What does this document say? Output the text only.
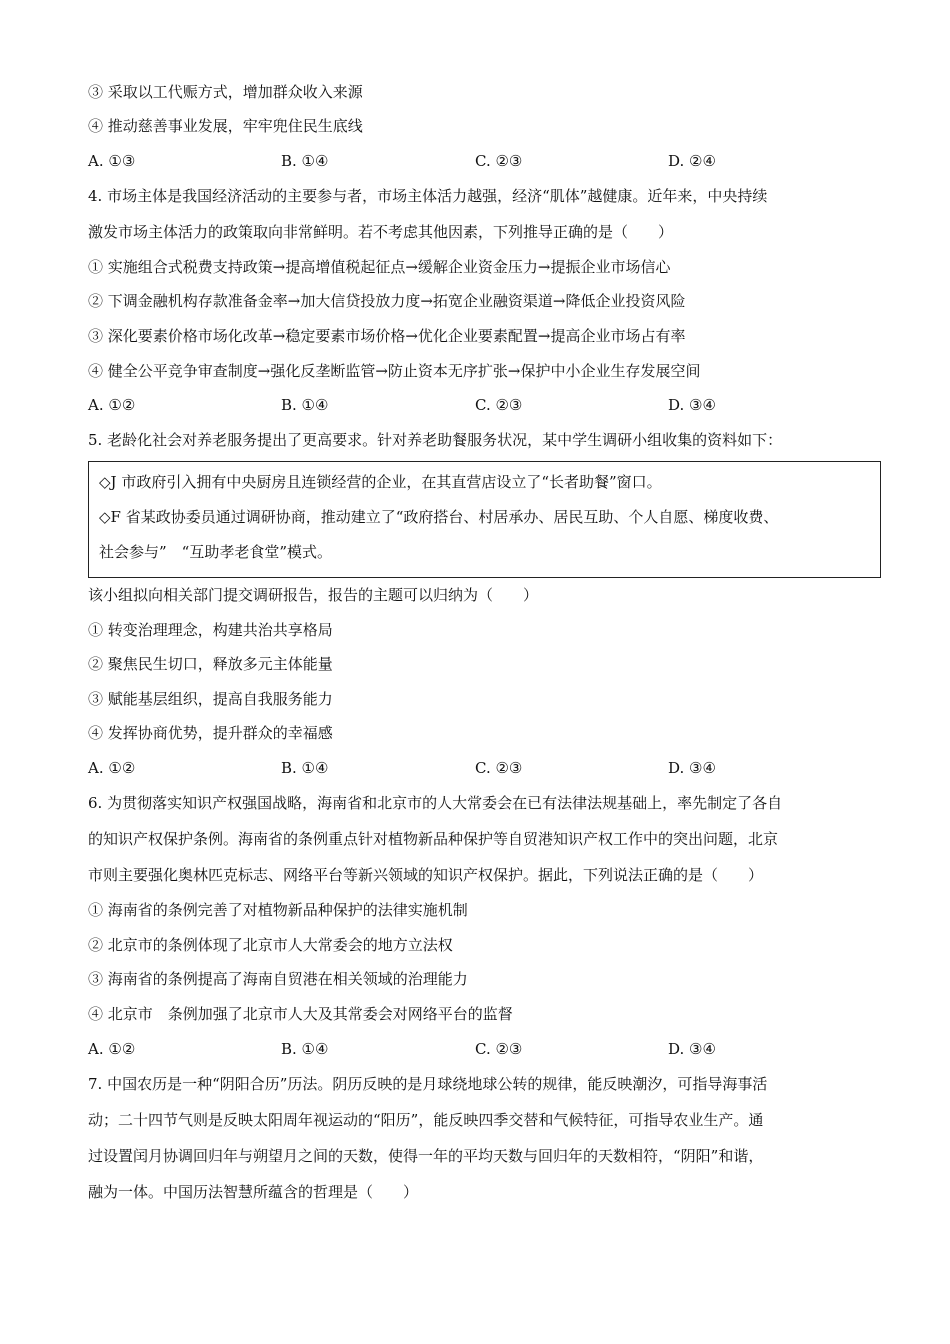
③ 采取以工代赈方式，增加群众收入来源
④ 推动慈善事业发展，牢牢兜住民生底线
A. ①③	B. ①④	C. ②③	D. ②④
4. 市场主体是我国经济活动的主要参与者，市场主体活力越强，经济“肌体”越健康。近年来，中央持续
激发市场主体活力的政策取向非常鲜明。若不考虑其他因素，下列推导正确的是（　　）
① 实施组合式税费支持政策→提高增值税起征点→缓解企业资金压力→提振企业市场信心
② 下调金融机构存款准备金率→加大信贷投放力度→拓宽企业融资渠道→降低企业投资风险
③ 深化要素价格市场化改革→稳定要素市场价格→优化企业要素配置→提高企业市场占有率
④ 健全公平竞争审查制度→强化反垄断监管→防止资本无序扩张→保护中小企业生存发展空间
A. ①②	B. ①④	C. ②③	D. ③④
5. 老龄化社会对养老服务提出了更高要求。针对养老助餐服务状况，某中学生调研小组收集的资料如下：
◇J 市政府引入拥有中央厨房且连锁经营的企业，在其直营店设立了“长者助餐”窗口。
◇F 省某政协委员通过调研协商，推动建立了“政府搭台、村居承办、居民互助、个人自愿、梯度收费、
社会参与”　“互助孝老食堂”模式。
该小组拟向相关部门提交调研报告，报告的主题可以归纳为（　　）
① 转变治理理念，构建共治共享格局
② 聚焦民生切口，释放多元主体能量
③ 赋能基层组织，提高自我服务能力
④ 发挥协商优势，提升群众的幸福感
A. ①②	B. ①④	C. ②③	D. ③④
6. 为贯彻落实知识产权强国战略，海南省和北京市的人大常委会在已有法律法规基础上，率先制定了各自
的知识产权保护条例。海南省的条例重点针对植物新品种保护等自贸港知识产权工作中的突出问题，北京
市则主要强化奥林匹克标志、网络平台等新兴领域的知识产权保护。据此，下列说法正确的是（　　）
① 海南省的条例完善了对植物新品种保护的法律实施机制
② 北京市的条例体现了北京市人大常委会的地方立法权
③ 海南省的条例提高了海南自贸港在相关领域的治理能力
④ 北京市　条例加强了北京市人大及其常委会对网络平台的监督
A. ①②	B. ①④	C. ②③	D. ③④
7. 中国农历是一种“阴阳合历”历法。阴历反映的是月球绕地球公转的规律，能反映潮汐，可指导海事活
动；二十四节气则是反映太阳周年视运动的“阳历”，能反映四季交替和气候特征，可指导农业生产。通
过设置闰月协调回归年与朔望月之间的天数，使得一年的平均天数与回归年的天数相符，“阴阳”和谐，
融为一体。中国历法智慧所蕴含的哲理是（　　）
